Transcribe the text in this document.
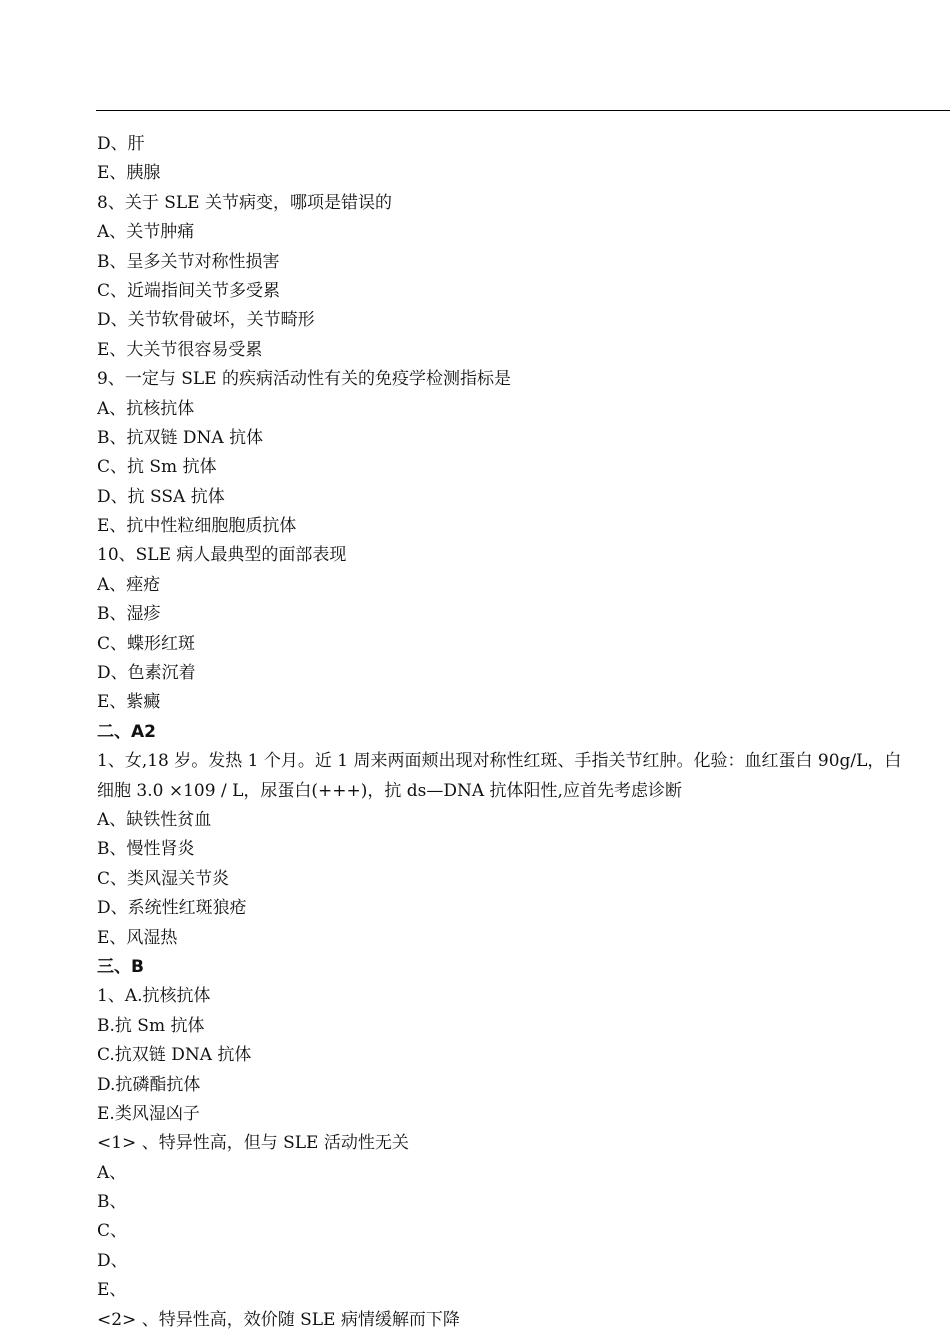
D、肝
E、胰腺
8、关于 SLE 关节病变，哪项是错误的
A、关节肿痛
B、呈多关节对称性损害
C、近端指间关节多受累
D、关节软骨破坏，关节畸形
E、大关节很容易受累
9、一定与 SLE 的疾病活动性有关的免疫学检测指标是
A、抗核抗体
B、抗双链 DNA 抗体
C、抗 Sm 抗体
D、抗 SSA 抗体
E、抗中性粒细胞胞质抗体
10、SLE 病人最典型的面部表现
A、痤疮
B、湿疹
C、蝶形红斑
D、色素沉着
E、紫癜
二、A2
1、女,18 岁。发热 1 个月。近 1 周来两面颊出现对称性红斑、手指关节红肿。化验：血红蛋白 90g/L，白
细胞 3.0 ×109 / L，尿蛋白(+++)，抗 ds—DNA 抗体阳性,应首先考虑诊断
A、缺铁性贫血
B、慢性肾炎
C、类风湿关节炎
D、系统性红斑狼疮
E、风湿热
三、B
1、A.抗核抗体
B.抗 Sm 抗体
C.抗双链 DNA 抗体
D.抗磷酯抗体
E.类风湿凶子
<1> 、特异性高，但与 SLE 活动性无关
A、
B、
C、
D、
E、
<2> 、特异性高，效价随 SLE 病情缓解而下降
